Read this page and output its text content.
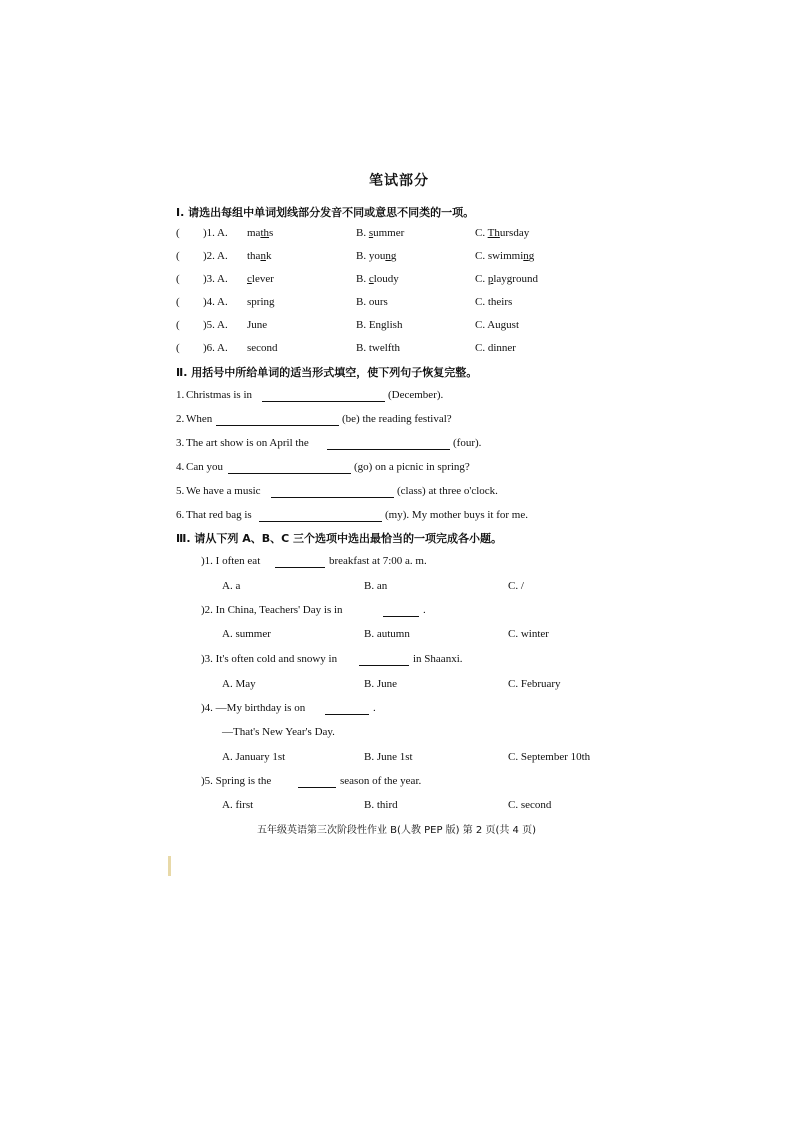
笔试部分
Ⅰ. 请选出每组中单词划线部分发音不同或意思不同类的一项。
( )1. A. maths	B. summer	C. Thursday
( )2. A. thank	B. young	C. swimming
( )3. A. clever	B. cloudy	C. playground
( )4. A. spring	B. ours	C. theirs
( )5. A. June	B. English	C. August
( )6. A. second	B. twelfth	C. dinner
Ⅱ. 用括号中所给单词的适当形式填空，使下列句子恢复完整。
1. Christmas is in	(December).
2. When	(be) the reading festival?
3. The art show is on April the	(four).
4. Can you	(go) on a picnic in spring?
5. We have a music	(class) at three o'clock.
6. That red bag is	(my). My mother buys it for me.
Ⅲ. 请从下列 A、B、C 三个选项中选出最恰当的一项完成各小题。
)1. I often eat	breakfast at 7:00 a. m.
A. a	B. an	C. /
)2. In China, Teachers' Day is in	.
A. summer	B. autumn	C. winter
)3. It's often cold and snowy in	in Shaanxi.
A. May	B. June	C. February
)4. —My birthday is on	.
—That's New Year's Day.
A. January 1st	B. June 1st	C. September 10th
)5. Spring is the	season of the year.
A. first	B. third	C. second
五年级英语第三次阶段性作业 B(人教 PEP 版) 第 2 页(共 4 页)
